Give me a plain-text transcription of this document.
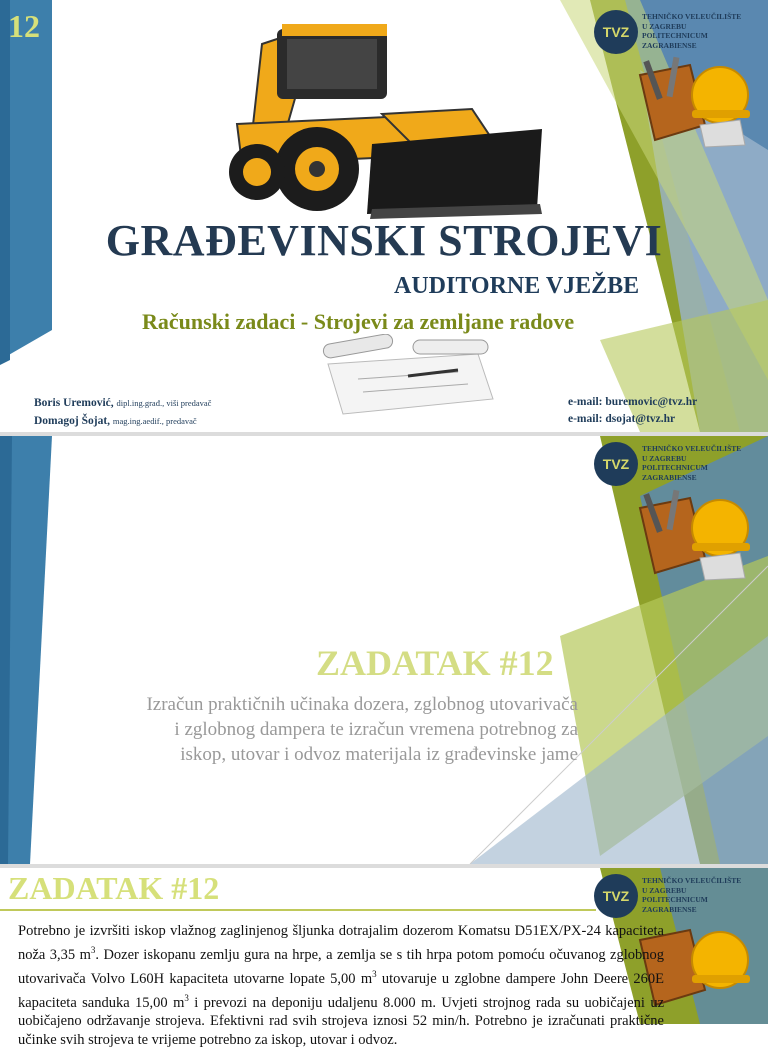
12
GRAĐEVINSKI STROJEVI
AUDITORNE VJEŽBE
Računski zadaci - Strojevi za zemljane radove
Boris Uremović, dipl.ing.građ., viši predavač
Domagoj Šojat, mag.ing.aedif., predavač
e-mail: buremovic@tvz.hr
e-mail: dsojat@tvz.hr
TVZ
TEHNIČKO VELEUČILIŠTE
U ZAGREBU
POLITECHNICUM
ZAGRABIENSE
TVZ
TEHNIČKO VELEUČILIŠTE
U ZAGREBU
POLITECHNICUM
ZAGRABIENSE
ZADATAK #12
Izračun praktičnih učinaka dozera, zglobnog utovarivača
i zglobnog dampera te izračun vremena potrebnog za
iskop, utovar i odvoz materijala iz građevinske jame
TVZ
TEHNIČKO VELEUČILIŠTE
U ZAGREBU
POLITECHNICUM
ZAGRABIENSE
ZADATAK #12
Potrebno je izvršiti iskop vlažnog zaglinjenog šljunka dotrajalim dozerom Komatsu D51EX/PX-24 kapaciteta noža 3,35 $m^3$. Dozer iskopanu zemlju gura na hrpe, a zemlja se s tih hrpa potom pomoću očuvanog zglobnog utovarivača Volvo L60H kapaciteta utovarne lopate 5,00 $m^3$ utovaruje u zglobne dampere John Deere 260E kapaciteta sanduka 15,00 $m^3$ i prevozi na deponiju udaljenu 8.000 m. Uvjeti strojnog rada su uobičajeni uz uobičajeno održavanje strojeva. Efektivni rad svih strojeva iznosi 52 min/h. Potrebno je izračunati praktične učinke svih strojeva te vrijeme potrebno za iskop, utovar i odvoz.
